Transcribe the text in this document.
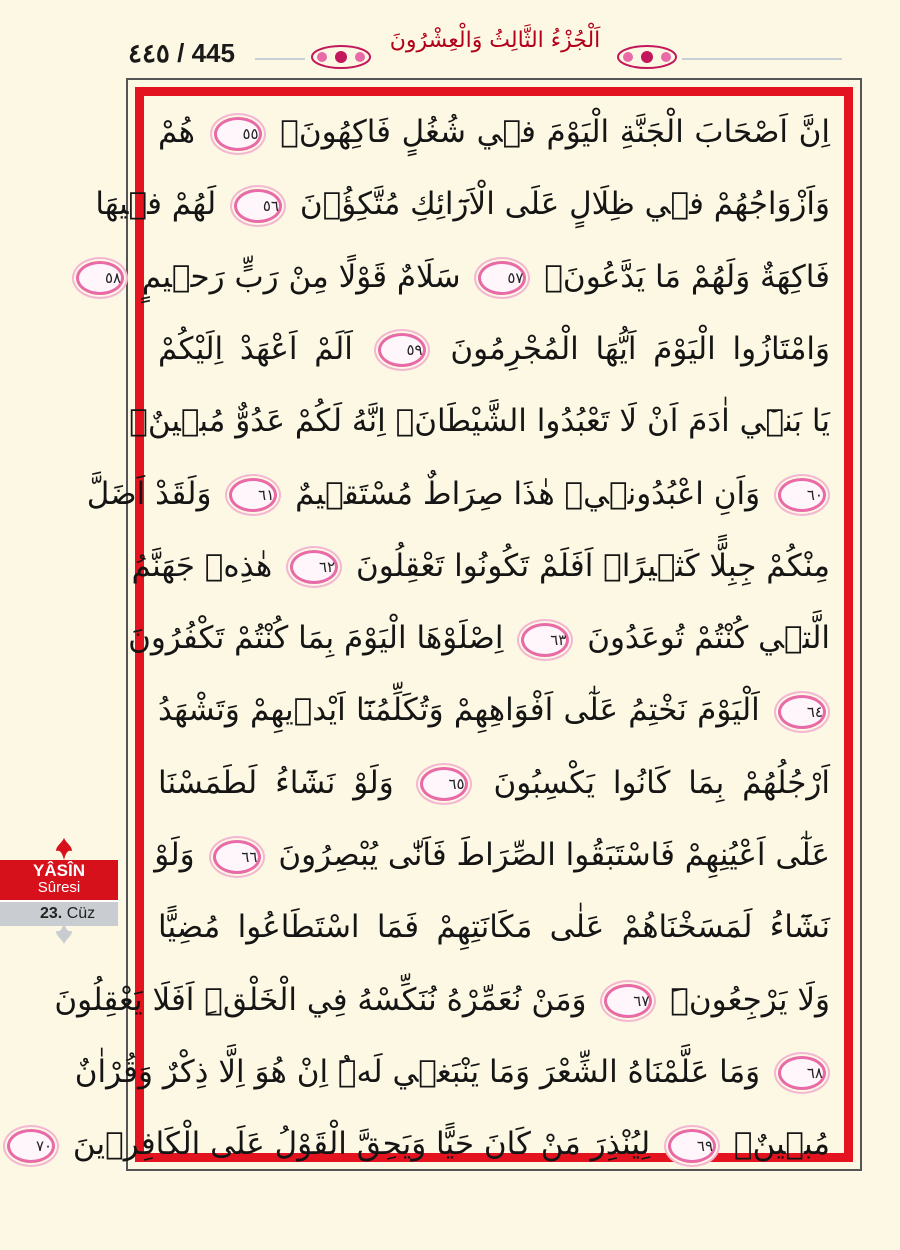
٤٤٥ / 445	اَلْجُزْءُ الثَّالِثُ وَالْعِشْرُونَ
اِنَّ اَصْحَابَ الْجَنَّةِ الْيَوْمَ ف۪ي شُغُلٍ فَاكِهُونَۚ ٥٥ هُمْ
وَاَزْوَاجُهُمْ ف۪ي ظِلَالٍ عَلَى الْاَرَٓائِكِ مُتَّكِؤُ۫نَ ٥٦ لَهُمْ ف۪يهَا
فَاكِهَةٌ وَلَهُمْ مَا يَدَّعُونَۚ ٥٧ سَلَامٌ قَوْلًا مِنْ رَبٍّ رَح۪يمٍ ٥٨
وَامْتَازُوا الْيَوْمَ اَيُّهَا الْمُجْرِمُونَ ٥٩ اَلَمْ اَعْهَدْ اِلَيْكُمْ
يَا بَن۪ٓي اٰدَمَ اَنْ لَا تَعْبُدُوا الشَّيْطَانَۚ اِنَّهُ لَكُمْ عَدُوٌّ مُب۪ينٌۙ
٦٠ وَاَنِ اعْبُدُون۪يۜ هٰذَا صِرَاطٌ مُسْتَق۪يمٌ ٦١ وَلَقَدْ اَضَلَّ
مِنْكُمْ جِبِلًّا كَث۪يرًاۜ اَفَلَمْ تَكُونُوا تَعْقِلُونَ ٦٢ هٰذِه۪ جَهَنَّمُ
الَّت۪ي كُنْتُمْ تُوعَدُونَ ٦٣ اِصْلَوْهَا الْيَوْمَ بِمَا كُنْتُمْ تَكْفُرُونَ
٦٤ اَلْيَوْمَ نَخْتِمُ عَلٰٓى اَفْوَاهِهِمْ وَتُكَلِّمُنَٓا اَيْد۪يهِمْ وَتَشْهَدُ
اَرْجُلُهُمْ بِمَا كَانُوا يَكْسِبُونَ ٦٥ وَلَوْ نَشَٓاءُ لَطَمَسْنَا
عَلٰٓى اَعْيُنِهِمْ فَاسْتَبَقُوا الصِّرَاطَ فَاَنّٰى يُبْصِرُونَ ٦٦ وَلَوْ
نَشَٓاءُ لَمَسَخْنَاهُمْ عَلٰى مَكَانَتِهِمْ فَمَا اسْتَطَاعُوا مُضِيًّا
وَلَا يَرْجِعُونَۜ ٦٧ وَمَنْ نُعَمِّرْهُ نُنَكِّسْهُ فِي الْخَلْقِۜ اَفَلَا يَعْقِلُونَ
٦٨ وَمَا عَلَّمْنَاهُ الشِّعْرَ وَمَا يَنْبَغ۪ي لَهُۜ اِنْ هُوَ اِلَّا ذِكْرٌ وَقُرْاٰنٌ
مُب۪ينٌۙ ٦٩ لِيُنْذِرَ مَنْ كَانَ حَيًّا وَيَحِقَّ الْقَوْلُ عَلَى الْكَافِر۪ينَ ٧٠
YÂSÎN
Sûresi
23. Cüz
